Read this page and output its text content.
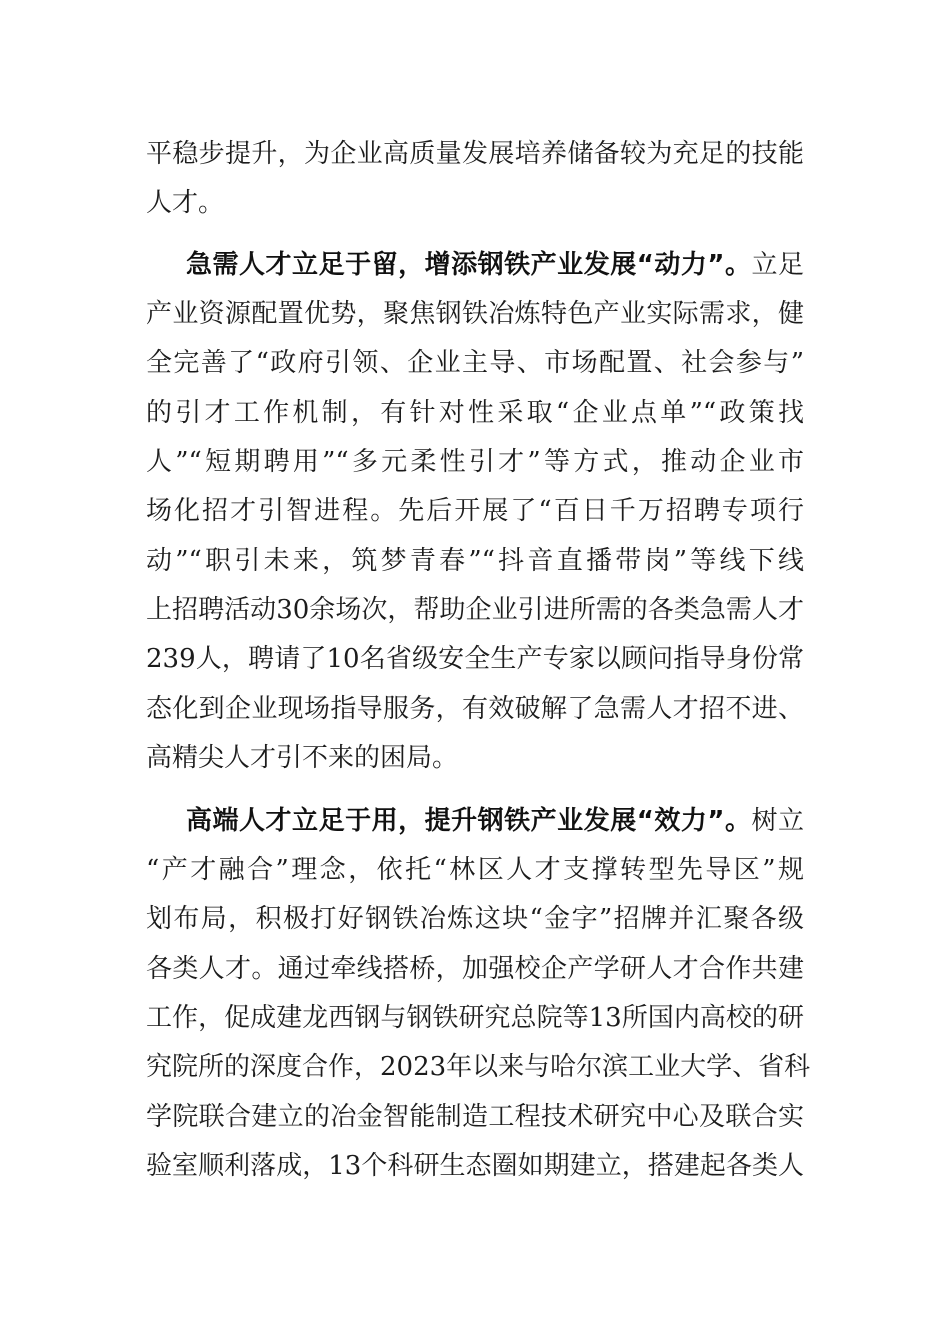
平稳步提升，为企业高质量发展培养储备较为充足的技能
人才。
急需人才立足于留，增添钢铁产业发展“动力”。立足
产业资源配置优势，聚焦钢铁冶炼特色产业实际需求，健
全完善了“政府引领、企业主导、市场配置、社会参与”
的引才工作机制，有针对性采取“企业点单”“政策找
人”“短期聘用”“多元柔性引才”等方式，推动企业市
场化招才引智进程。先后开展了“百日千万招聘专项行
动”“职引未来，筑梦青春”“抖音直播带岗”等线下线
上招聘活动30余场次，帮助企业引进所需的各类急需人才
239人，聘请了10名省级安全生产专家以顾问指导身份常
态化到企业现场指导服务，有效破解了急需人才招不进、
高精尖人才引不来的困局。
高端人才立足于用，提升钢铁产业发展“效力”。树立
“产才融合”理念，依托“林区人才支撑转型先导区”规
划布局，积极打好钢铁冶炼这块“金字”招牌并汇聚各级
各类人才。通过牵线搭桥，加强校企产学研人才合作共建
工作，促成建龙西钢与钢铁研究总院等13所国内高校的研
究院所的深度合作，2023年以来与哈尔滨工业大学、省科
学院联合建立的冶金智能制造工程技术研究中心及联合实
验室顺利落成，13个科研生态圈如期建立，搭建起各类人
